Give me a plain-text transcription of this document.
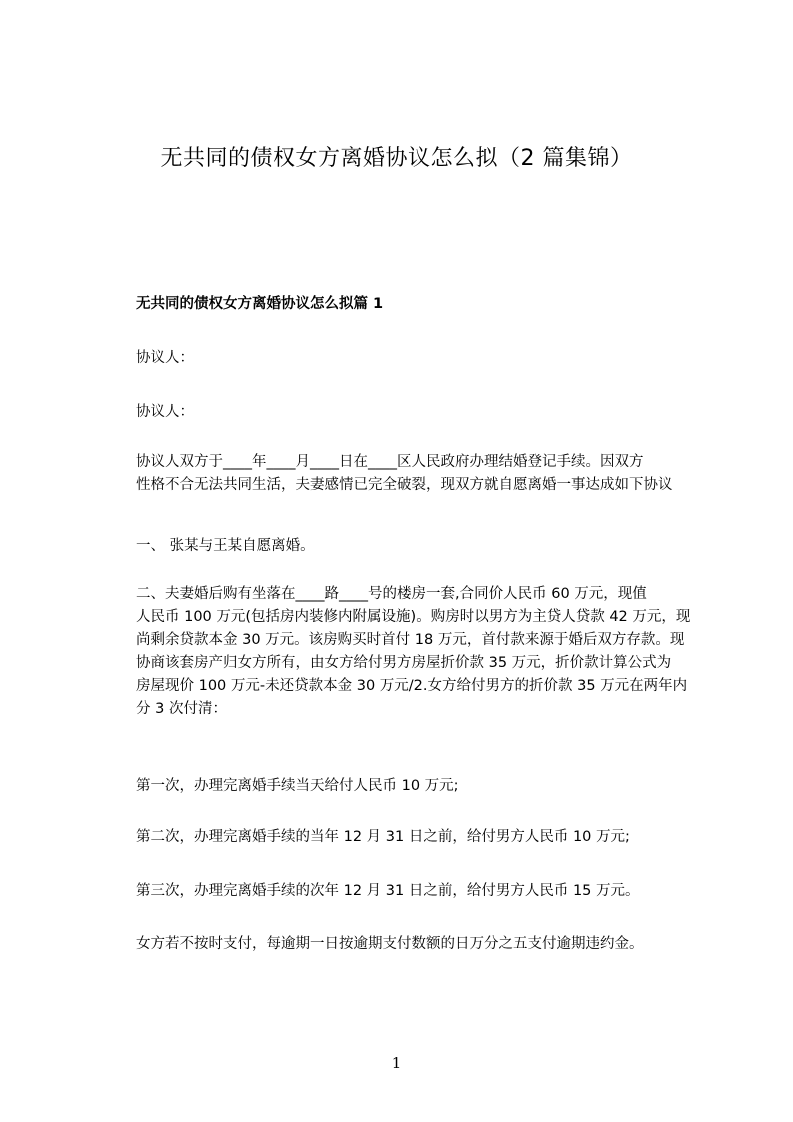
无共同的债权女方离婚协议怎么拟（2 篇集锦）
无共同的债权女方离婚协议怎么拟篇 1
协议人：
协议人：
协议人双方于____年____月____日在____区人民政府办理结婚登记手续。因双方
性格不合无法共同生活，夫妻感情已完全破裂，现双方就自愿离婚一事达成如下协议
一、 张某与王某自愿离婚。
二、夫妻婚后购有坐落在____路____号的楼房一套,合同价人民币 60 万元，现值
人民币 100 万元(包括房内装修内附属设施)。购房时以男方为主贷人贷款 42 万元，现
尚剩余贷款本金 30 万元。该房购买时首付 18 万元，首付款来源于婚后双方存款。现
协商该套房产归女方所有，由女方给付男方房屋折价款 35 万元，折价款计算公式为
房屋现价 100 万元-未还贷款本金 30 万元/2.女方给付男方的折价款 35 万元在两年内
分 3 次付清：
第一次，办理完离婚手续当天给付人民币 10 万元;
第二次，办理完离婚手续的当年 12 月 31 日之前，给付男方人民币 10 万元;
第三次，办理完离婚手续的次年 12 月 31 日之前，给付男方人民币 15 万元。
女方若不按时支付，每逾期一日按逾期支付数额的日万分之五支付逾期违约金。
1
